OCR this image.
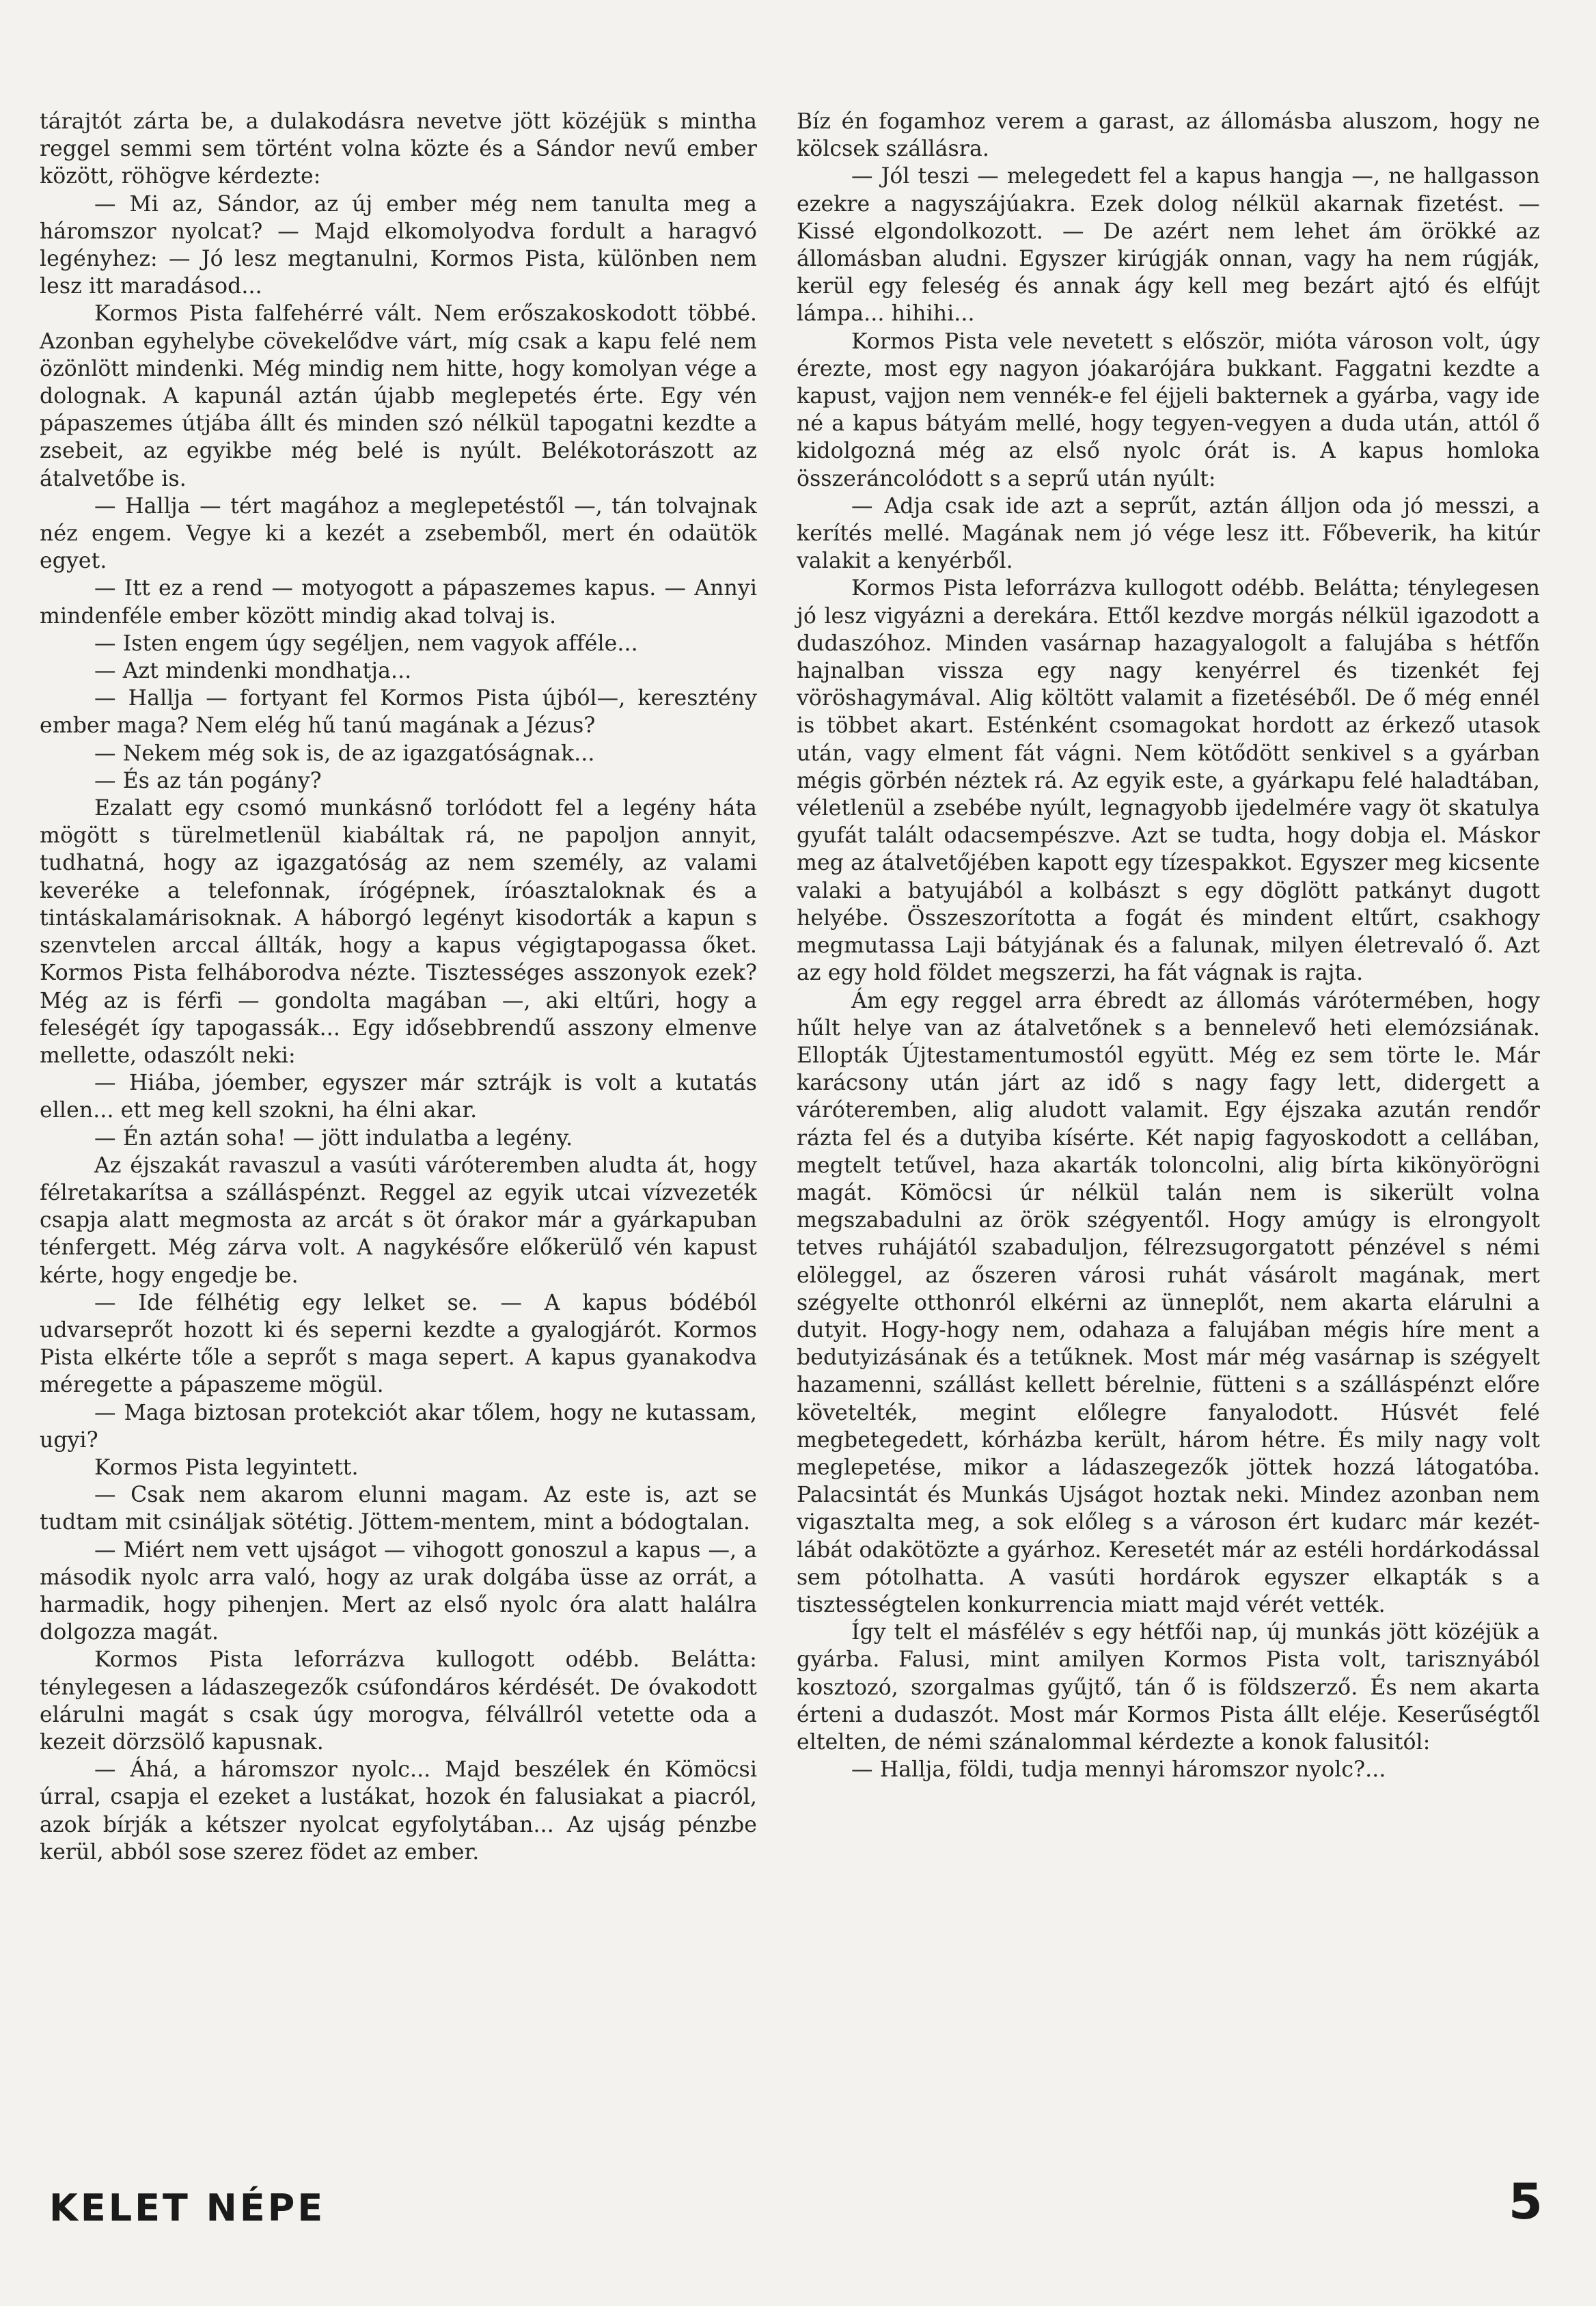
tárajtót zárta be, a dulakodásra nevetve jött közéjük s mintha reggel semmi sem történt volna közte és a Sándor nevű ember között, röhögve kérdezte:

— Mi az, Sándor, az új ember még nem tanulta meg a háromszor nyolcat? — Majd elkomolyodva fordult a haragvó legényhez: — Jó lesz megtanulni, Kormos Pista, különben nem lesz itt maradásod...

Kormos Pista falfehérré vált. Nem erőszakoskodott többé. Azonban egyhelybe cövekelődve várt, míg csak a kapu felé nem özönlött mindenki. Még mindig nem hitte, hogy komolyan vége a dolognak. A kapunál aztán újabb meglepetés érte. Egy vén pápaszemes útjába állt és minden szó nélkül tapogatni kezdte a zsebeit, az egyikbe még belé is nyúlt. Belékotorászott az átalvetőbe is.

— Hallja — tért magához a meglepetéstől —, tán tolvajnak néz engem. Vegye ki a kezét a zsebemből, mert én odaütök egyet.

— Itt ez a rend — motyogott a pápaszemes kapus. — Annyi mindenféle ember között mindig akad tolvaj is.

— Isten engem úgy segéljen, nem vagyok afféle...

— Azt mindenki mondhatja...

— Hallja — fortyant fel Kormos Pista újból—, keresztény ember maga? Nem elég hű tanú magának a Jézus?

— Nekem még sok is, de az igazgatóságnak...

— És az tán pogány?

Ezalatt egy csomó munkásnő torlódott fel a legény háta mögött s türelmetlenül kiabáltak rá, ne papoljon annyit, tudhatná, hogy az igazgatóság az nem személy, az valami keveréke a telefonnak, írógépnek, íróasztaloknak és a tintáskalamárisoknak. A háborgó legényt kisodorták a kapun s szenvtelen arccal állták, hogy a kapus végigtapogassa őket. Kormos Pista felháborodva nézte. Tisztességes asszonyok ezek? Még az is férfi — gondolta magában —, aki eltűri, hogy a feleségét így tapogassák... Egy idősebbrendű asszony elmenve mellette, odaszólt neki:

— Hiába, jóember, egyszer már sztrájk is volt a kutatás ellen... ett meg kell szokni, ha élni akar.

— Én aztán soha! — jött indulatba a legény.

Az éjszakát ravaszul a vasúti váróteremben aludta át, hogy félretakarítsa a szálláspénzt. Reggel az egyik utcai vízvezeték csapja alatt megmosta az arcát s öt órakor már a gyárkapuban ténfergett. Még zárva volt. A nagykésőre előkerülő vén kapust kérte, hogy engedje be.

— Ide félhétig egy lelket se. — A kapus bódéból udvarseprőt hozott ki és seperni kezdte a gyalogjárót. Kormos Pista elkérte tőle a seprőt s maga sepert. A kapus gyanakodva méregette a pápaszeme mögül.

— Maga biztosan protekciót akar tőlem, hogy ne kutassam, ugyi?

Kormos Pista legyintett.

— Csak nem akarom elunni magam. Az este is, azt se tudtam mit csináljak sötétig. Jöttem-mentem, mint a bódogtalan.

— Miért nem vett ujságot — vihogott gonoszul a kapus —, a második nyolc arra való, hogy az urak dolgába üsse az orrát, a harmadik, hogy pihenjen. Mert az első nyolc óra alatt halálra dolgozza magát.

Kormos Pista leforrázva kullogott odébb. Belátta: ténylegesen a ládaszegezők csúfondáros kérdését. De óvakodott elárulni magát s csak úgy morogva, félvállról vetette oda a kezeit dörzsölő kapusnak.

— Áhá, a háromszor nyolc... Majd beszélek én Kömöcsi úrral, csapja el ezeket a lustákat, hozok én falusiakat a piacról, azok bírják a kétszer nyolcat egyfolytában... Az ujság pénzbe kerül, abból sose szerez födet az ember.

Bíz én fogamhoz verem a garast, az állomásba aluszom, hogy ne kölcsek szállásra.

— Jól teszi — melegedett fel a kapus hangja —, ne hallgasson ezekre a nagyszájúakra. Ezek dolog nélkül akarnak fizetést. — Kissé elgondolkozott. — De azért nem lehet ám örökké az állomásban aludni. Egyszer kirúgják onnan, vagy ha nem rúgják, kerül egy feleség és annak ágy kell meg bezárt ajtó és elfújt lámpa... hihihi...

Kormos Pista vele nevetett s először, mióta városon volt, úgy érezte, most egy nagyon jóakarójára bukkant. Faggatni kezdte a kapust, vajjon nem vennék-e fel éjjeli bakternek a gyárba, vagy ide né a kapus bátyám mellé, hogy tegyen-vegyen a duda után, attól ő kidolgozná még az első nyolc órát is. A kapus homloka összeráncolódott s a seprű után nyúlt:

— Adja csak ide azt a seprűt, aztán álljon oda jó messzi, a kerítés mellé. Magának nem jó vége lesz itt. Főbeverik, ha kitúr valakit a kenyérből.

Kormos Pista leforrázva kullogott odébb. Belátta; ténylegesen jó lesz vigyázni a derekára. Ettől kezdve morgás nélkül igazodott a dudaszóhoz. Minden vasárnap hazagyalogolt a falujába s hétfőn hajnalban vissza egy nagy kenyérrel és tizenkét fej vöröshagymával. Alig költött valamit a fizetéséből. De ő még ennél is többet akart. Esténként csomagokat hordott az érkező utasok után, vagy elment fát vágni. Nem kötődött senkivel s a gyárban mégis görbén néztek rá. Az egyik este, a gyárkapu felé haladtában, véletlenül a zsebébe nyúlt, legnagyobb ijedelmére vagy öt skatulya gyufát talált odacsempészve. Azt se tudta, hogy dobja el. Máskor meg az átalvetőjében kapott egy tízespakkot. Egyszer meg kicsente valaki a batyujából a kolbászt s egy döglött patkányt dugott helyébe. Összeszorította a fogát és mindent eltűrt, csakhogy megmutassa Laji bátyjának és a falunak, milyen életrevaló ő. Azt az egy hold földet megszerzi, ha fát vágnak is rajta.

Ám egy reggel arra ébredt az állomás várótermében, hogy hűlt helye van az átalvetőnek s a bennelevő heti elemózsiának. Ellopták Újtestamentumostól együtt. Még ez sem törte le. Már karácsony után járt az idő s nagy fagy lett, didergett a váróteremben, alig aludott valamit. Egy éjszaka azután rendőr rázta fel és a dutyiba kísérte. Két napig fagyoskodott a cellában, megtelt tetűvel, haza akarták toloncolni, alig bírta kikönyörögni magát. Kömöcsi úr nélkül talán nem is sikerült volna megszabadulni az örök szégyentől. Hogy amúgy is elrongyolt tetves ruhájától szabaduljon, félrezsugorgatott pénzével s némi elöleggel, az őszeren városi ruhát vásárolt magának, mert szégyelte otthonról elkérni az ünneplőt, nem akarta elárulni a dutyit. Hogy-hogy nem, odahaza a falujában mégis híre ment a bedutyizásának és a tetűknek. Most már még vasárnap is szégyelt hazamenni, szállást kellett bérelnie, fütteni s a szálláspénzt előre követelték, megint előlegre fanyalodott. Húsvét felé megbetegedett, kórházba került, három hétre. És mily nagy volt meglepetése, mikor a ládaszegezők jöttek hozzá látogatóba. Palacsintát és Munkás Ujságot hoztak neki. Mindez azonban nem vigasztalta meg, a sok előleg s a városon ért kudarc már kezét-lábát odakötözte a gyárhoz. Keresetét már az estéli hordárkodással sem pótolhatta. A vasúti hordárok egyszer elkapták s a tisztességtelen konkurrencia miatt majd vérét vették.

Így telt el másfélév s egy hétfői nap, új munkás jött közéjük a gyárba. Falusi, mint amilyen Kormos Pista volt, tarisznyából kosztozó, szorgalmas gyűjtő, tán ő is földszerző. És nem akarta érteni a dudaszót. Most már Kormos Pista állt eléje. Keserűségtől eltelten, de némi szánalommal kérdezte a konok falusitól:

— Hallja, földi, tudja mennyi háromszor nyolc?...

KELET NÉPE	5
